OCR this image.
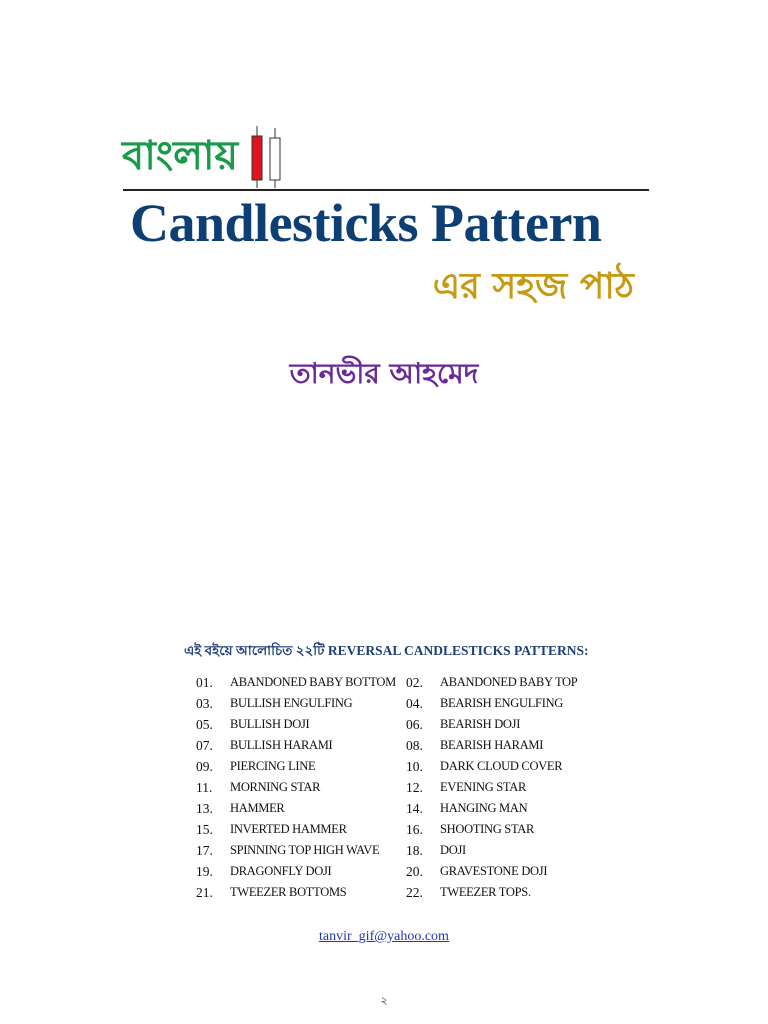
বাংলায়
Candlesticks Pattern
এর সহজ পাঠ
তানভীর আহমেদ
এই বইয়ে আলোচিত ২২টি REVERSAL CANDLESTICKS PATTERNS:
01.	ABANDONED BABY BOTTOM 02.	ABANDONED BABY TOP
03.	BULLISH ENGULFING	04.	BEARISH ENGULFING
05.	BULLISH DOJI	06.	BEARISH DOJI
07.	BULLISH HARAMI	08.	BEARISH HARAMI
09.	PIERCING LINE	10.	DARK CLOUD COVER
11.	MORNING STAR	12.	EVENING STAR
13.	HAMMER	14.	HANGING MAN
15.	INVERTED HAMMER	16.	SHOOTING STAR
17.	SPINNING TOP HIGH WAVE 18.	DOJI
19.	DRAGONFLY DOJI	20.	GRAVESTONE DOJI
21.	TWEEZER BOTTOMS	22.	TWEEZER TOPS.
tanvir_gif@yahoo.com
২
